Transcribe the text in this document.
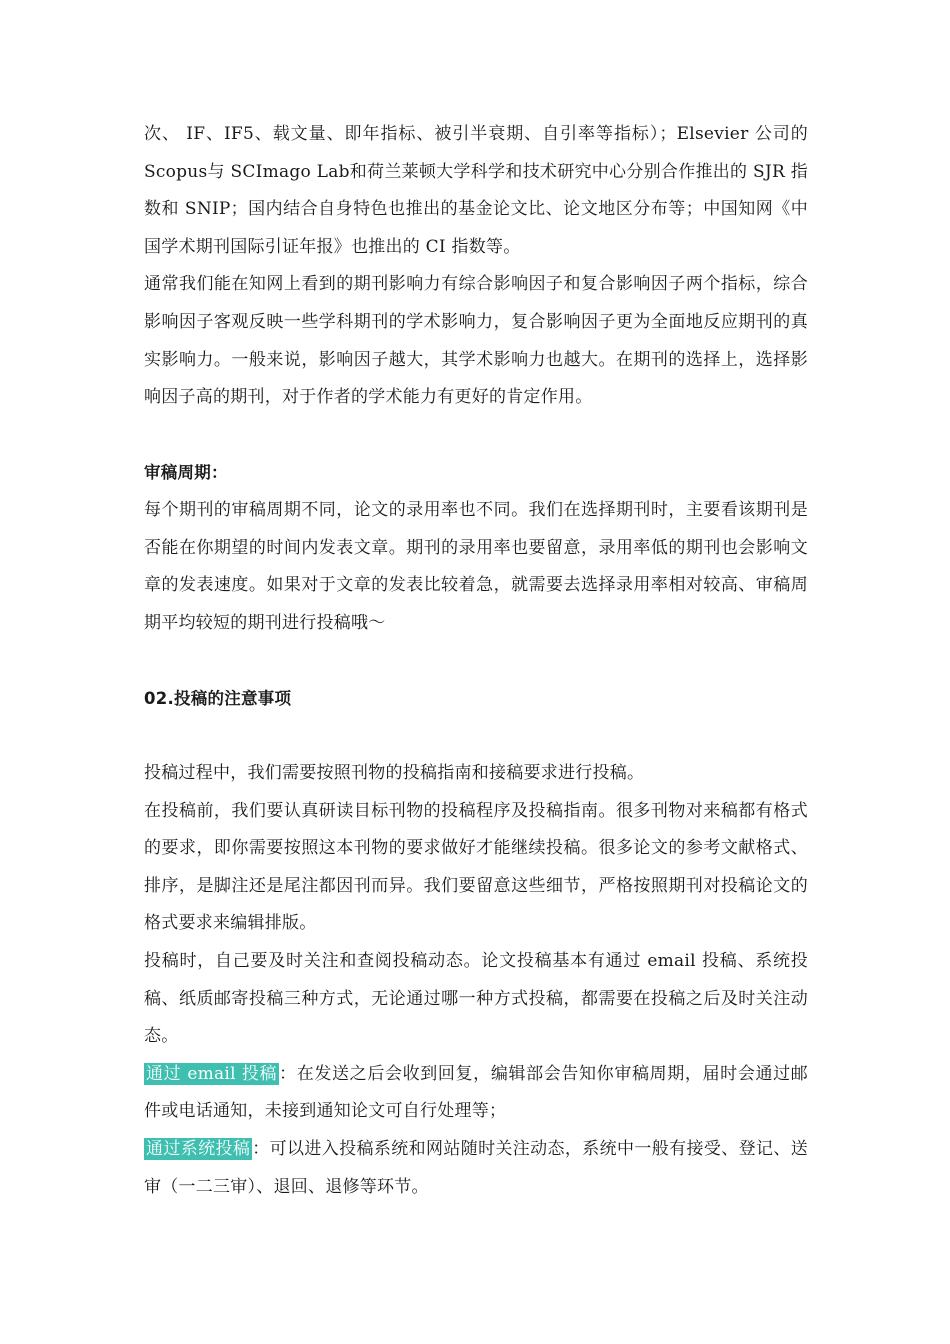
次、 IF、IF5、载文量、即年指标、被引半衰期、自引率等指标）；Elsevier 公司的Scopus与 SCImago Lab和荷兰莱顿大学科学和技术研究中心分别合作推出的 SJR 指数和 SNIP；国内结合自身特色也推出的基金论文比、论文地区分布等；中国知网《中国学术期刊国际引证年报》也推出的 CI 指数等。

通常我们能在知网上看到的期刊影响力有综合影响因子和复合影响因子两个指标，综合影响因子客观反映一些学科期刊的学术影响力，复合影响因子更为全面地反应期刊的真实影响力。一般来说，影响因子越大，其学术影响力也越大。在期刊的选择上，选择影响因子高的期刊，对于作者的学术能力有更好的肯定作用。

审稿周期：

每个期刊的审稿周期不同，论文的录用率也不同。我们在选择期刊时，主要看该期刊是否能在你期望的时间内发表文章。期刊的录用率也要留意，录用率低的期刊也会影响文章的发表速度。如果对于文章的发表比较着急，就需要去选择录用率相对较高、审稿周期平均较短的期刊进行投稿哦～

02.投稿的注意事项

投稿过程中，我们需要按照刊物的投稿指南和接稿要求进行投稿。

在投稿前，我们要认真研读目标刊物的投稿程序及投稿指南。很多刊物对来稿都有格式的要求，即你需要按照这本刊物的要求做好才能继续投稿。很多论文的参考文献格式、排序，是脚注还是尾注都因刊而异。我们要留意这些细节，严格按照期刊对投稿论文的格式要求来编辑排版。

投稿时，自己要及时关注和查阅投稿动态。论文投稿基本有通过 email 投稿、系统投稿、纸质邮寄投稿三种方式，无论通过哪一种方式投稿，都需要在投稿之后及时关注动态。

通过 email 投稿 ：在发送之后会收到回复，编辑部会告知你审稿周期，届时会通过邮件或电话通知，未接到通知论文可自行处理等；

通过系统投稿 ：可以进入投稿系统和网站随时关注动态，系统中一般有接受、登记、送审（一二三审）、退回、退修等环节。
